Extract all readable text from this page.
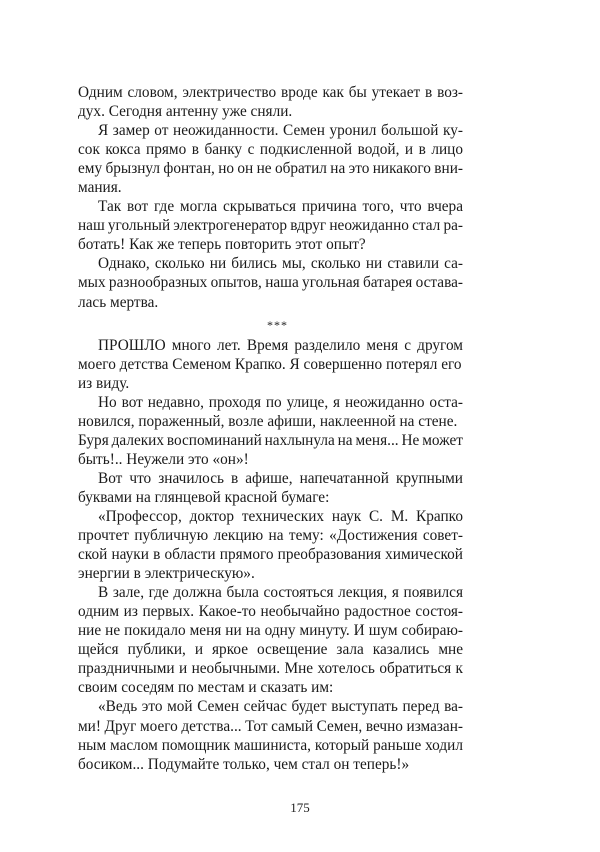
Одним словом, электричество вроде как бы утекает в воз-
дух. Сегодня антенну уже сняли.
Я замер от неожиданности. Семен уронил большой ку-
сок кокса прямо в банку с подкисленной водой, и в лицо
ему брызнул фонтан, но он не обратил на это никакого вни-
мания.
Так вот где могла скрываться причина того, что вчера
наш угольный электрогенератор вдруг неожиданно стал ра-
ботать! Как же теперь повторить этот опыт?
Однако, сколько ни бились мы, сколько ни ставили са-
мых разнообразных опытов, наша угольная батарея остава-
лась мертва.
***
ПРОШЛО много лет. Время разделило меня с другом
моего детства Семеном Крапко. Я совершенно потерял его
из виду.
Но вот недавно, проходя по улице, я неожиданно оста-
новился, пораженный, возле афиши, наклеенной на стене.
Буря далеких воспоминаний нахлынула на меня... Не может
быть!.. Неужели это «он»!
Вот что значилось в афише, напечатанной крупными
буквами на глянцевой красной бумаге:
«Профессор, доктор технических наук С. М. Крапко
прочтет публичную лекцию на тему: «Достижения совет-
ской науки в области прямого преобразования химической
энергии в электрическую».
В зале, где должна была состояться лекция, я появился
одним из первых. Какое-то необычайно радостное состоя-
ние не покидало меня ни на одну минуту. И шум собираю-
щейся публики, и яркое освещение зала казались мне
праздничными и необычными. Мне хотелось обратиться к
своим соседям по местам и сказать им:
«Ведь это мой Семен сейчас будет выступать перед ва-
ми! Друг моего детства... Тот самый Семен, вечно измазан-
ным маслом помощник машиниста, который раньше ходил
босиком... Подумайте только, чем стал он теперь!»
175
